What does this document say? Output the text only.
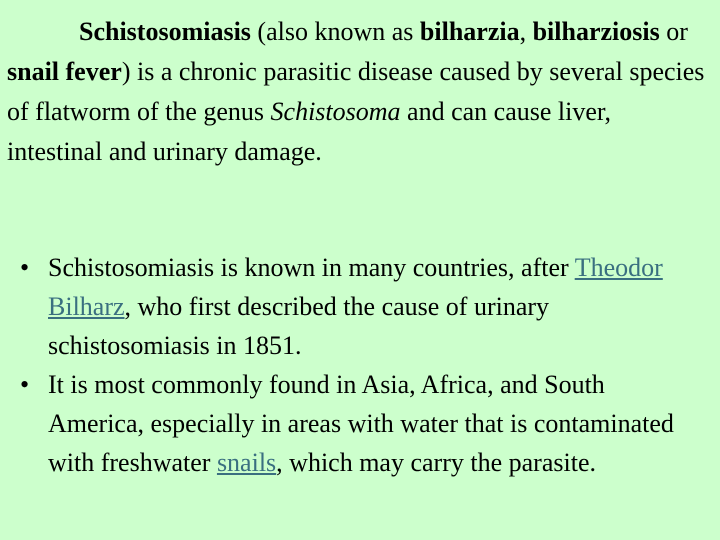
Schistosomiasis (also known as bilharzia, bilharziosis or snail fever) is a chronic parasitic disease caused by several species of flatworm of the genus Schistosoma and can cause liver, intestinal and urinary damage.

• Schistosomiasis is known in many countries, after Theodor Bilharz, who first described the cause of urinary schistosomiasis in 1851.
• It is most commonly found in Asia, Africa, and South America, especially in areas with water that is contaminated with freshwater snails, which may carry the parasite.
